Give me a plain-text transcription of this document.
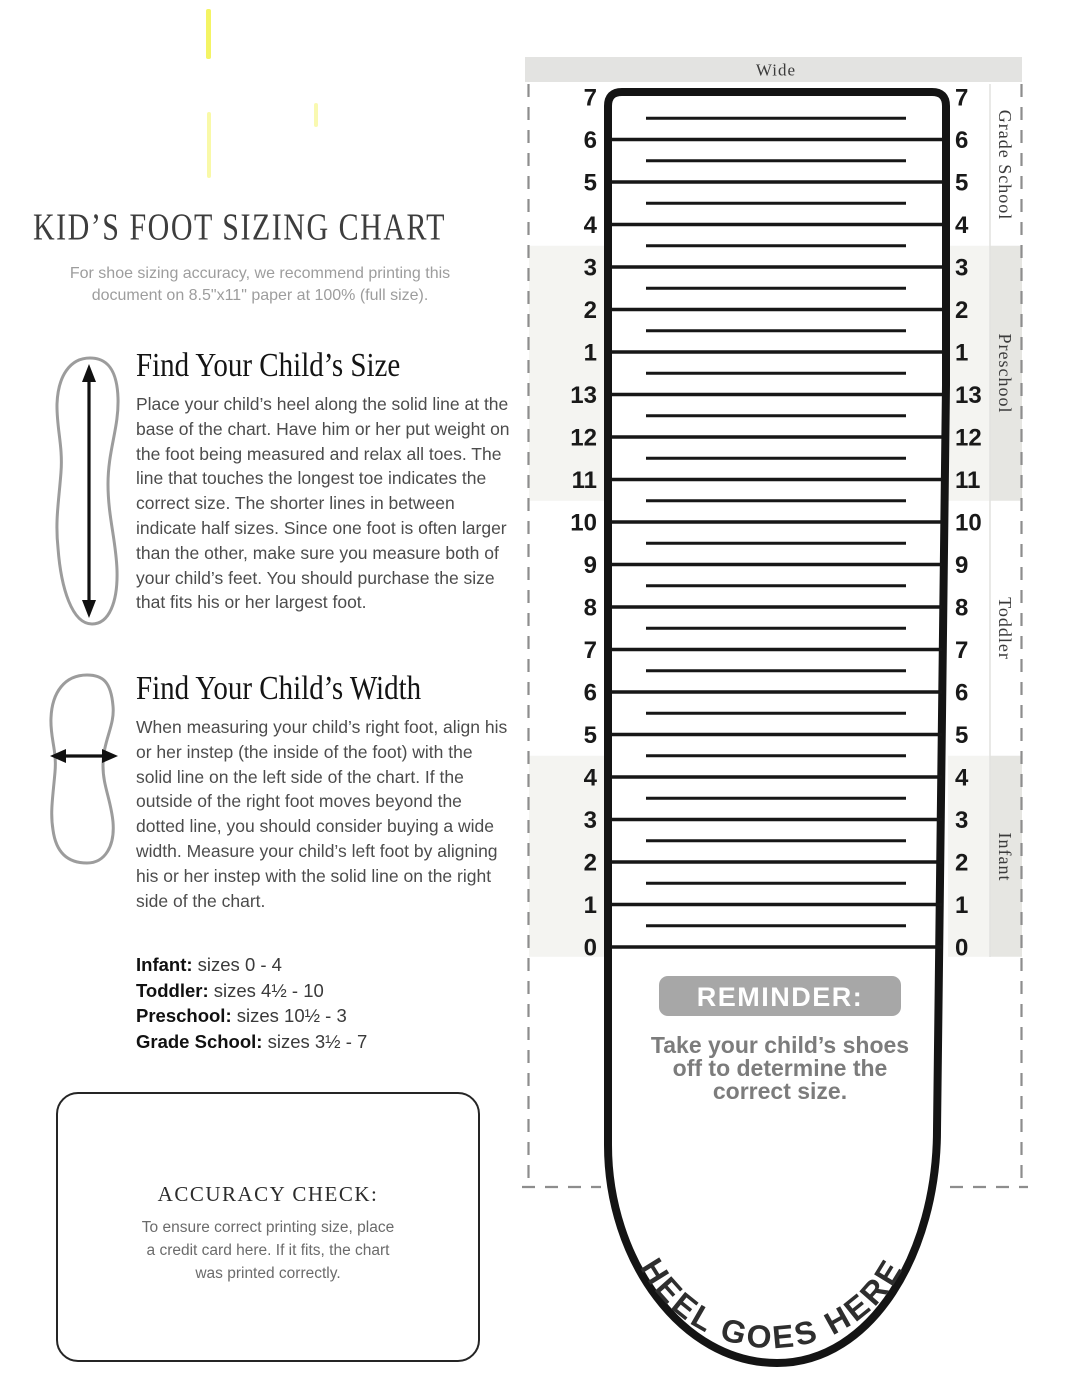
KID’S FOOT SIZING CHART
For shoe sizing accuracy, we recommend printing this
document on 8.5"x11" paper at 100% (full size).
Find Your Child’s Size
Place your child’s heel along the solid line at the base of the chart. Have him or her put weight on the foot being measured and relax all toes. The line that touches the longest toe indicates the correct size. The shorter lines in between indicate half sizes. Since one foot is often larger than the other, make sure you measure both of your child’s feet. You should purchase the size that fits his or her largest foot.
Find Your Child’s Width
When measuring your child’s right foot, align his or her instep (the inside of the foot) with the solid line on the left side of the chart. If the outside of the right foot moves beyond the dotted line, you should consider buying a wide width. Measure your child’s left foot by aligning his or her instep with the solid line on the right side of the chart.
Infant: sizes 0 - 4
Toddler: sizes 4½ - 10
Preschool: sizes 10½ - 3
Grade School: sizes 3½ - 7
ACCURACY CHECK:
To ensure correct printing size, place
a credit card here. If it fits, the chart
was printed correctly.
Wide
7	7
6	6
5	5
4	4
3	3
2	2
1	1
13	13
12	12
11	11
10	10
9	9
8	8
7	7
6	6
5	5
4	4
3	3
2	2
1	1
0	0
Grade School
Preschool
Toddler
Infant
REMINDER:
Take your child’s shoes
off to determine the
correct size.
HEEL GOES HERE
